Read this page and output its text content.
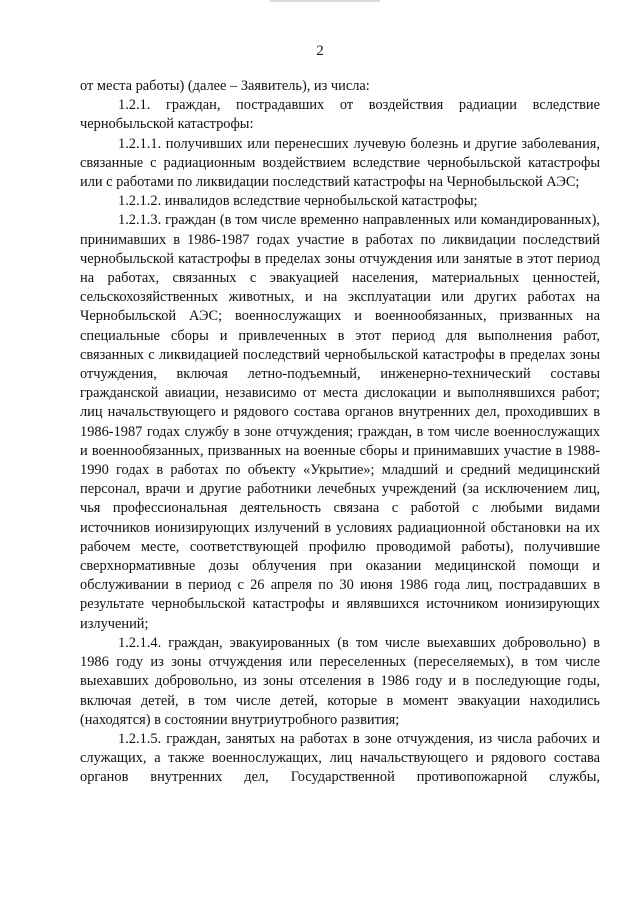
2

от места работы) (далее – Заявитель), из числа:

1.2.1. граждан, пострадавших от воздействия радиации вследствие чернобыльской катастрофы:

1.2.1.1. получивших или перенесших лучевую болезнь и другие заболевания, связанные с радиационным воздействием вследствие чернобыльской катастрофы или с работами по ликвидации последствий катастрофы на Чернобыльской АЭС;

1.2.1.2. инвалидов вследствие чернобыльской катастрофы;

1.2.1.3. граждан (в том числе временно направленных или командированных), принимавших в 1986-1987 годах участие в работах по ликвидации последствий чернобыльской катастрофы в пределах зоны отчуждения или занятые в этот период на работах, связанных с эвакуацией населения, материальных ценностей, сельскохозяйственных животных, и на эксплуатации или других работах на Чернобыльской АЭС; военнослужащих и военнообязанных, призванных на специальные сборы и привлеченных в этот период для выполнения работ, связанных с ликвидацией последствий чернобыльской катастрофы в пределах зоны отчуждения, включая летно-подъемный, инженерно-технический составы гражданской авиации, независимо от места дислокации и выполнявшихся работ; лиц начальствующего и рядового состава органов внутренних дел, проходивших в 1986-1987 годах службу в зоне отчуждения; граждан, в том числе военнослужащих и военнообязанных, призванных на военные сборы и принимавших участие в 1988-1990 годах в работах по объекту «Укрытие»; младший и средний медицинский персонал, врачи и другие работники лечебных учреждений (за исключением лиц, чья профессиональная деятельность связана с работой с любыми видами источников ионизирующих излучений в условиях радиационной обстановки на их рабочем месте, соответствующей профилю проводимой работы), получившие сверхнормативные дозы облучения при оказании медицинской помощи и обслуживании в период с 26 апреля по 30 июня 1986 года лиц, пострадавших в результате чернобыльской катастрофы и являвшихся источником ионизирующих излучений;

1.2.1.4. граждан, эвакуированных (в том числе выехавших добровольно) в 1986 году из зоны отчуждения или переселенных (переселяемых), в том числе выехавших добровольно, из зоны отселения в 1986 году и в последующие годы, включая детей, в том числе детей, которые в момент эвакуации находились (находятся) в состоянии внутриутробного развития;

1.2.1.5. граждан, занятых на работах в зоне отчуждения, из числа рабочих и служащих, а также военнослужащих, лиц начальствующего и рядового состава органов внутренних дел, Государственной противопожарной службы,
